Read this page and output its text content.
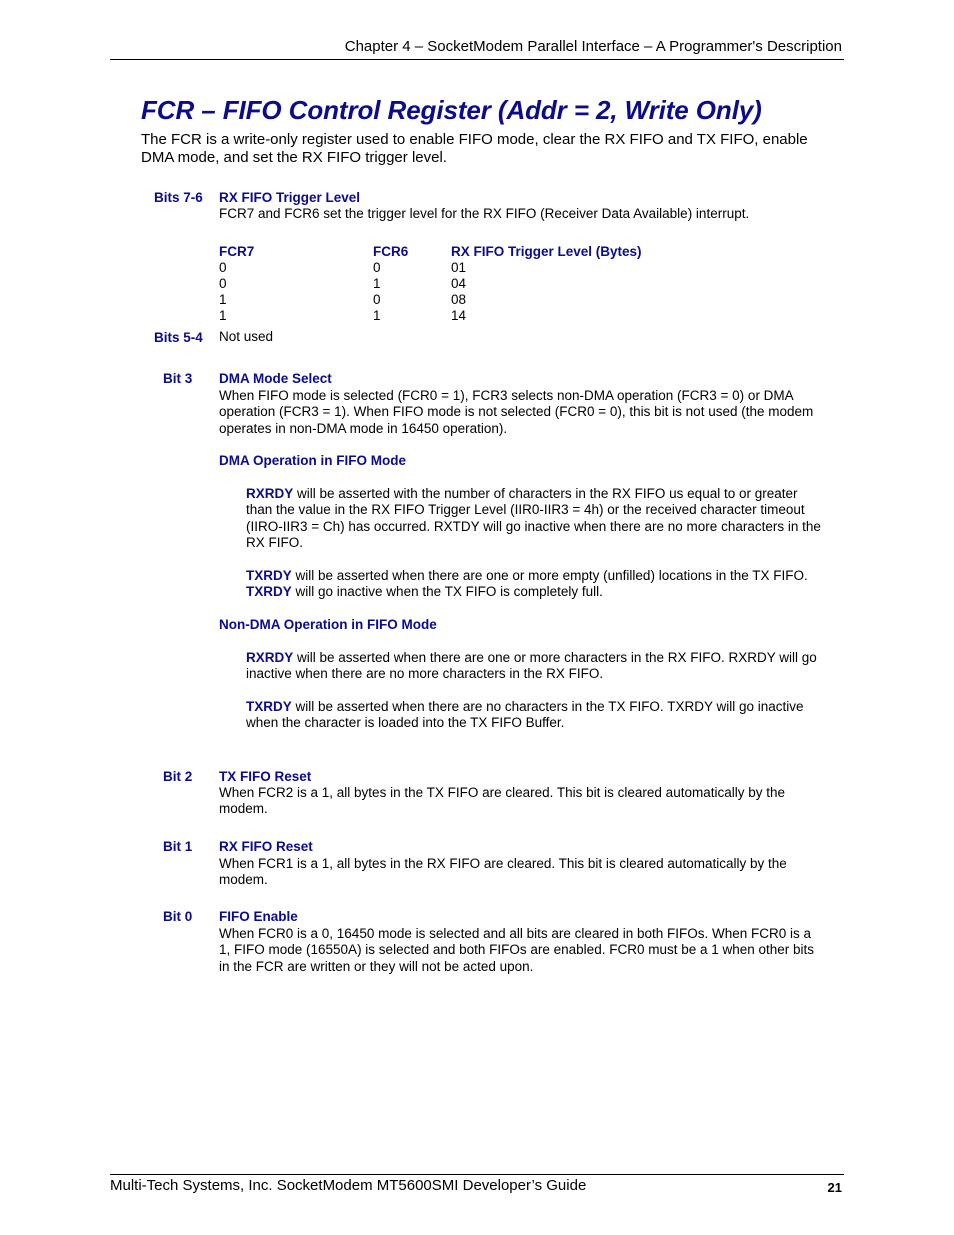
Chapter 4 – SocketModem Parallel Interface – A Programmer's Description
FCR – FIFO Control Register (Addr = 2, Write Only)
The FCR is a write-only register used to enable FIFO mode, clear the RX FIFO and TX FIFO, enable DMA mode, and set the RX FIFO trigger level.
Bits 7-6 RX FIFO Trigger Level
FCR7 and FCR6 set the trigger level for the RX FIFO (Receiver Data Available) interrupt.
FCR7	FCR6	RX FIFO Trigger Level (Bytes)
0	0	01
0	1	04
1	0	08
1	1	14
Bits 5-4 Not used
Bit 3 DMA Mode Select
When FIFO mode is selected (FCR0 = 1), FCR3 selects non-DMA operation (FCR3 = 0) or DMA operation (FCR3 = 1). When FIFO mode is not selected (FCR0 = 0), this bit is not used (the modem operates in non-DMA mode in 16450 operation).
DMA Operation in FIFO Mode
RXRDY will be asserted with the number of characters in the RX FIFO us equal to or greater than the value in the RX FIFO Trigger Level (IIR0-IIR3 = 4h) or the received character timeout (IIRO-IIR3 = Ch) has occurred. RXTDY will go inactive when there are no more characters in the RX FIFO.
TXRDY will be asserted when there are one or more empty (unfilled) locations in the TX FIFO. TXRDY will go inactive when the TX FIFO is completely full.
Non-DMA Operation in FIFO Mode
RXRDY will be asserted when there are one or more characters in the RX FIFO. RXRDY will go inactive when there are no more characters in the RX FIFO.
TXRDY will be asserted when there are no characters in the TX FIFO. TXRDY will go inactive when the character is loaded into the TX FIFO Buffer.
Bit 2 TX FIFO Reset
When FCR2 is a 1, all bytes in the TX FIFO are cleared. This bit is cleared automatically by the modem.
Bit 1 RX FIFO Reset
When FCR1 is a 1, all bytes in the RX FIFO are cleared. This bit is cleared automatically by the modem.
Bit 0 FIFO Enable
When FCR0 is a 0, 16450 mode is selected and all bits are cleared in both FIFOs. When FCR0 is a 1, FIFO mode (16550A) is selected and both FIFOs are enabled. FCR0 must be a 1 when other bits in the FCR are written or they will not be acted upon.
Multi-Tech Systems, Inc. SocketModem MT5600SMI Developer’s Guide	21
